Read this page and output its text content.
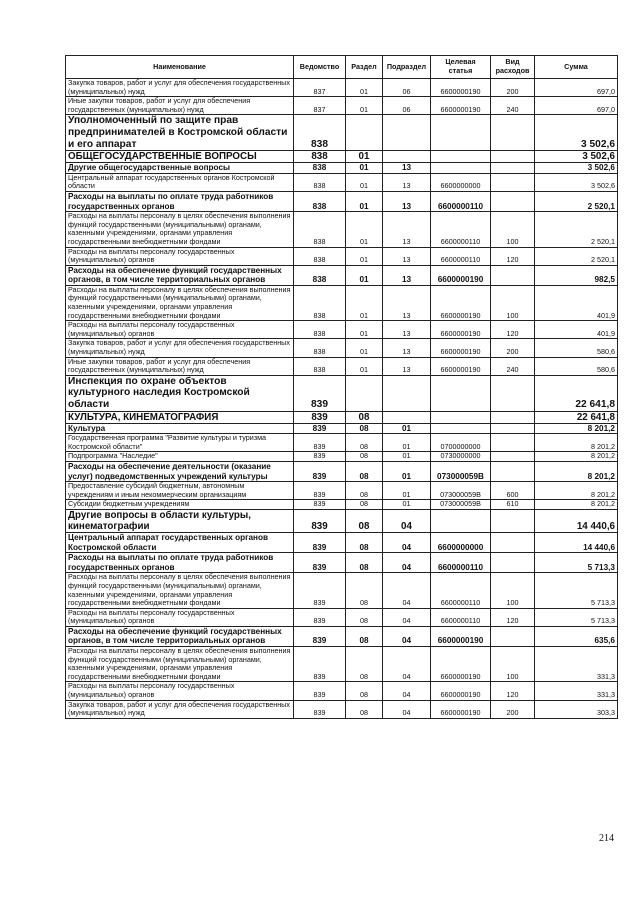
Наименование	Ведомство	Раздел	Подраздел	Целевая статья	Вид расходов	Сумма
Закупка товаров, работ и услуг для обеспечения государственных (муниципальных) нужд	837	01	06	6600000190	200	697,0
Иные закупки товаров, работ и услуг для обеспечения государственных (муниципальных) нужд	837	01	06	6600000190	240	697,0
Уполномоченный по защите прав предпринимателей в Костромской области и его аппарат	838					3 502,6
ОБЩЕГОСУДАРСТВЕННЫЕ ВОПРОСЫ	838	01				3 502,6
Другие общегосударственные вопросы	838	01	13			3 502,6
Центральный аппарат государственных органов Костромской области	838	01	13	6600000000		3 502,6
Расходы на выплаты по оплате труда работников государственных органов	838	01	13	6600000110		2 520,1
Расходы на выплаты персоналу в целях обеспечения выполнения функций государственными (муниципальными) органами, казенными учреждениями, органами управления государственными внебюджетными фондами	838	01	13	6600000110	100	2 520,1
Расходы на выплаты персоналу государственных (муниципальных) органов	838	01	13	6600000110	120	2 520,1
Расходы на обеспечение функций государственных органов, в том числе территориальных органов	838	01	13	6600000190		982,5
Расходы на выплаты персоналу в целях обеспечения выполнения функций государственными (муниципальными) органами, казенными учреждениями, органами управления государственными внебюджетными фондами	838	01	13	6600000190	100	401,9
Расходы на выплаты персоналу государственных (муниципальных) органов	838	01	13	6600000190	120	401,9
Закупка товаров, работ и услуг для обеспечения государственных (муниципальных) нужд	838	01	13	6600000190	200	580,6
Иные закупки товаров, работ и услуг для обеспечения государственных (муниципальных) нужд	838	01	13	6600000190	240	580,6
Инспекция по охране объектов культурного наследия Костромской области	839					22 641,8
КУЛЬТУРА, КИНЕМАТОГРАФИЯ	839	08				22 641,8
Культура	839	08	01			8 201,2
Государственная программа "Развитие культуры и туризма Костромской области"	839	08	01	0700000000		8 201,2
Подпрограмма "Наследие"	839	08	01	0730000000		8 201,2
Расходы на обеспечение деятельности (оказание услуг) подведомственных учреждений культуры	839	08	01	073000059B		8 201,2
Предоставление субсидий бюджетным, автономным учреждениям и иным некоммерческим организациям	839	08	01	073000059B	600	8 201,2
Субсидии бюджетным учреждениям	839	08	01	073000059B	610	8 201,2
Другие вопросы в области культуры, кинематографии	839	08	04			14 440,6
Центральный аппарат государственных органов Костромской области	839	08	04	6600000000		14 440,6
Расходы на выплаты по оплате труда работников государственных органов	839	08	04	6600000110		5 713,3
Расходы на выплаты персоналу в целях обеспечения выполнения функций государственными (муниципальными) органами, казенными учреждениями, органами управления государственными внебюджетными фондами	839	08	04	6600000110	100	5 713,3
Расходы на выплаты персоналу государственных (муниципальных) органов	839	08	04	6600000110	120	5 713,3
Расходы на обеспечение функций государственных органов, в том числе территориальных органов	839	08	04	6600000190		635,6
Расходы на выплаты персоналу в целях обеспечения выполнения функций государственными (муниципальными) органами, казенными учреждениями, органами управления государственными внебюджетными фондами	839	08	04	6600000190	100	331,3
Расходы на выплаты персоналу государственных (муниципальных) органов	839	08	04	6600000190	120	331,3
Закупка товаров, работ и услуг для обеспечения государственных (муниципальных) нужд	839	08	04	6600000190	200	303,3
214
